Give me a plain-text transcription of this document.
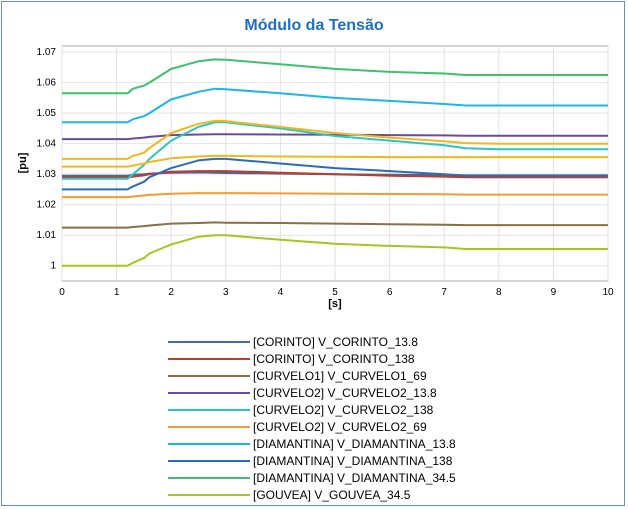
Módulo da Tensão
0	1	2	3	4	5	6	7	8	9	10
1
1.01
1.02
1.03
1.04
1.05
1.06
1.07
[s]
[pu]
[CORINTO] V_CORINTO_13.8
[CORINTO] V_CORINTO_138
[CURVELO1] V_CURVELO1_69
[CURVELO2] V_CURVELO2_13.8
[CURVELO2] V_CURVELO2_138
[CURVELO2] V_CURVELO2_69
[DIAMANTINA] V_DIAMANTINA_13.8
[DIAMANTINA] V_DIAMANTINA_138
[DIAMANTINA] V_DIAMANTINA_34.5
[GOUVEA] V_GOUVEA_34.5
